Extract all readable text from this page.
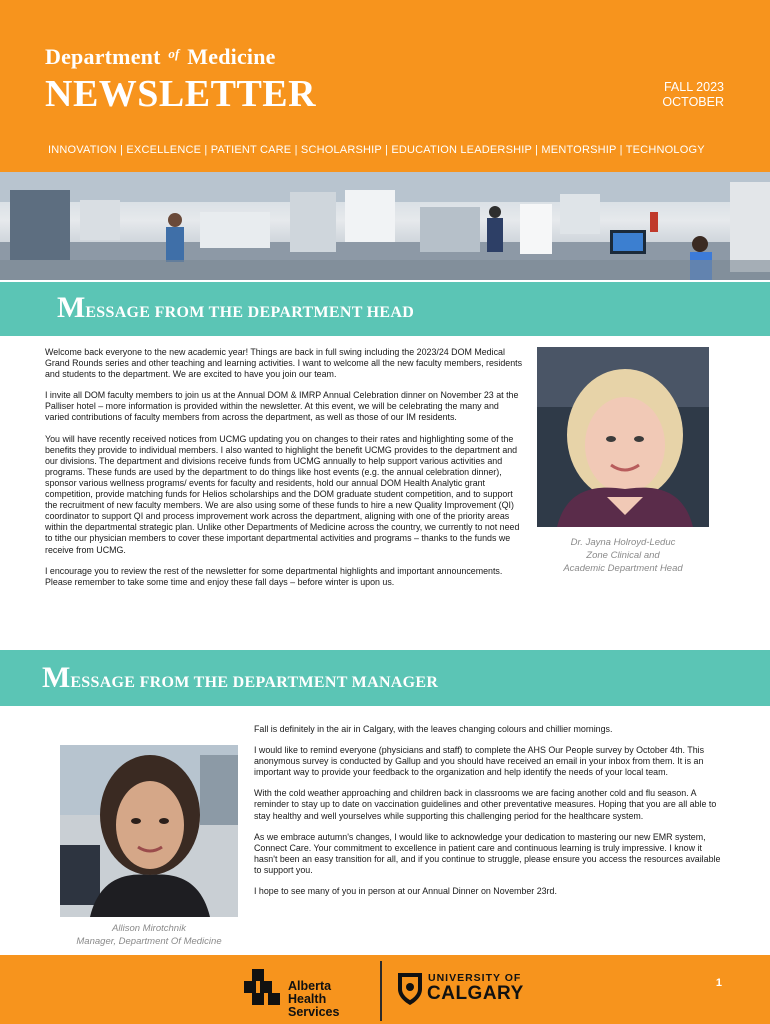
Department $^{of}$ Medicine
NEWSLETTER	FALL 2023
OCTOBER
INNOVATION | EXCELLENCE | PATIENT CARE | SCHOLARSHIP | EDUCATION LEADERSHIP | MENTORSHIP | TECHNOLOGY
MESSAGE FROM THE DEPARTMENT HEAD

Welcome back everyone to the new academic year! Things are back in full swing including the 2023/24 DOM Medical Grand Rounds series and other teaching and learning activities. I want to welcome all the new faculty members, residents and students to the department. We are excited to have you join our team.

I invite all DOM faculty members to join us at the Annual DOM & IMRP Annual Celebration dinner on November 23 at the Palliser hotel – more information is provided within the newsletter. At this event, we will be celebrating the many and varied contributions of faculty members from across the department, as well as those of our IM residents.

You will have recently received notices from UCMG updating you on changes to their rates and highlighting some of the benefits they provide to individual members. I also wanted to highlight the benefit UCMG provides to the department and our divisions. The department and divisions receive funds from UCMG annually to help support various activities and programs. These funds are used by the department to do things like host events (e.g. the annual celebration dinner), sponsor various wellness programs/ events for faculty and residents, hold our annual DOM Health Analytic grant competition, provide matching funds for Helios scholarships and the DOM graduate student competition, and to support the recruitment of new faculty members. We are also using some of these funds to hire a new Quality Improvement (QI) coordinator to support QI and process improvement work across the department, aligning with one of the priority areas within the departmental strategic plan. Unlike other Departments of Medicine across the country, we currently to not need to tithe our physician members to cover these important departmental activities and programs – thanks to the funds we receive from UCMG.

I encourage you to review the rest of the newsletter for some departmental highlights and important announcements. Please remember to take some time and enjoy these fall days – before winter is upon us.

Dr. Jayna Holroyd-Leduc
Zone Clinical and
Academic Department Head
MESSAGE FROM THE DEPARTMENT MANAGER
Allison Mirotchnik
Manager, Department Of Medicine

Fall is definitely in the air in Calgary, with the leaves changing colours and chillier mornings.

I would like to remind everyone (physicians and staff) to complete the AHS Our People survey by October 4th. This anonymous survey is conducted by Gallup and you should have received an email in your inbox from them. It is an important way to provide your feedback to the organization and help identify the needs of your local team.

With the cold weather approaching and children back in classrooms we are facing another cold and flu season. A reminder to stay up to date on vaccination guidelines and other preventative measures. Hoping that you are all able to stay healthy and well yourselves while supporting this challenging period for the healthcare system.

As we embrace autumn's changes, I would like to acknowledge your dedication to mastering our new EMR system, Connect Care. Your commitment to excellence in patient care and continuous learning is truly impressive. I know it hasn't been an easy transition for all, and if you continue to struggle, please ensure you access the resources available to support you.

I hope to see many of you in person at our Annual Dinner on November 23rd.

Alberta Health
Services
UNIVERSITY OF
CALGARY	1
